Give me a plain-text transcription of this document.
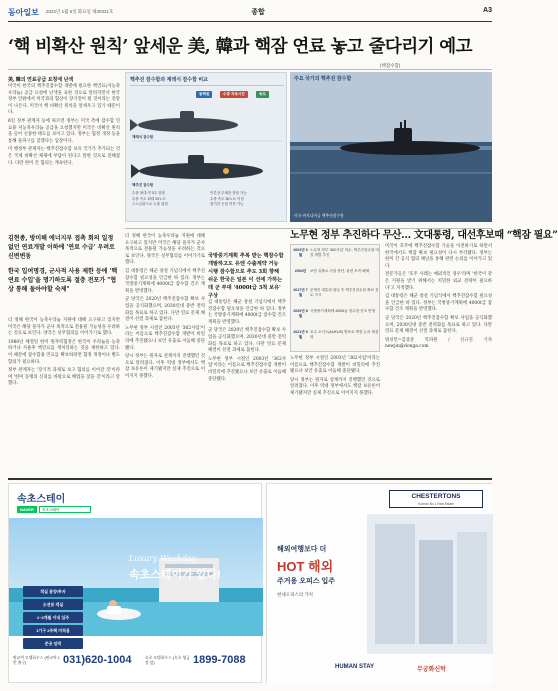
동아일보 2022년 1월 5일 화요일 제30321호	종합	A3
‘핵 비확산 원칙’ 앞세운 美, 韓과 핵잠 연료 놓고 줄다리기 예고
(핵잠수함)
美, 韓의 연료공급 요청에 난색

미국이 한국의 핵추진잠수함 개발에 필요한 핵연료(저농축우라늄) 공급 요청에 난색을 표한 것으로 알려지면서 한국 정부 안팎에서 미국과의 협상이 장기전이 될 것이라는 전망이 나온다. 미국이 핵 비확산 원칙을 앞세우고 있기 때문이다.

6일 정부 관계자 등에 따르면 정부는 미국 측에 잠수함 연료용 저농축우라늄 공급을 요청했지만 미국은 비확산 원칙을 들어 신중한 태도를 보이고 있다. 정부는 협정 개정 등을 통해 돌파구를 찾겠다는 입장이다.

미 행정부 관계자는 핵추진잠수함 보유 국가가 추가되는 것은 국제 비확산 체제에 부담이 된다고 말한 것으로 전해졌다. 다만 한미 간 협의는 계속된다.

핵추진 잠수함과 재래식 잠수함 비교
동력원	수중 지속시간	속도
재래식 잠수함
핵추진 잠수함
수중 최대 약 3주 잠항
수중 속도 최대 20노트
스노클링으로 노출 위험
이론상 무제한 잠항 가능
수중 속도 30노트 이상
장기간 은밀 작전 가능
주요 국가의 핵추진 잠수함
미국 버지니아급 핵추진잠수함
김현종, 방미해 에너지부 접촉 회의 일정 없던 연료개발 이하에 '연료 수급' 우려로 신변변동
한국 입여명경, 군사적 사용 제한 등에 '핵연료 수입'을 명기하도록 절충 전포가 "협상 통해 돌아야할 숙제"

더 정해 한국이 농축우라늄 지원에 대해 요구하고 있지만 미국은 해당 물자가 군사 목적으로 전용될 가능성을 우려하는 것으로 보인다. 양국은 실무협의를 이어가기로 했다.

1980년 체결된 한미 원자력협정은 한국이 우라늄을 농축하거나 사용후 핵연료를 재처리하는 것을 제한하고 있다. 이 때문에 잠수함용 연료를 확보하려면 협정 개정이나 별도 합의가 필요하다.

정부 관계자는 '장기적 과제로 보고 협의를 이어갈 것'이라며 '한미 동맹의 신뢰를 바탕으로 해법을 찾을 것'이라고 말했다.

더 정해 한국이 농축우라늄 지원에 대해 요구하고 있지만 미국은 해당 물자가 군사 목적으로 전용될 가능성을 우려하는 것으로 보인다. 양국은 실무협의를 이어가기로 했다.

김 대통령은 해군 창설 기념식에서 핵추진잠수함 필요성을 언급한 바 있다. 정부는 국방중기계획에 4000t급 잠수함 건조 계획을 반영했다.

군 당국은 2020년 핵추진잠수함 확보 사업을 공식화했으며, 2030년대 중반 전력화를 목표로 하고 있다. 다만 연료 문제 해결이 선결 과제로 꼽힌다.

노무현 정부 시절인 2003년 '362사업'이라는 이름으로 핵추진잠수함 개발이 비밀리에 추진됐으나 보안 유출로 이듬해 중단됐다.

당시 정부는 원자로 설계까지 진행했던 것으로 알려졌다. 이후 역대 정부에서도 핵잠 보유론이 제기됐지만 실제 추진으로 이어지지 못했다.

노무현 정부 추진하다 무산… 文대통령, 대선후보때 “핵잠 필요”
국방중기계획 추복 받는 핵잠수함 개발하고도 유엔 수출계약 거능 시행 잠수함으로 추도 3회 향해 쉬운 한국은 일본 이 선에 가하는데 군 부대 '4000t급 3척 보유' 구상

김 대통령은 해군 창설 기념식에서 핵추진잠수함 필요성을 언급한 바 있다. 정부는 국방중기계획에 4000t급 잠수함 건조 계획을 반영했다.

군 당국은 2020년 핵추진잠수함 확보 사업을 공식화했으며, 2030년대 중반 전력화를 목표로 하고 있다. 다만 연료 문제 해결이 선결 과제로 꼽힌다.

노무현 정부 시절인 2003년 '362사업'이라는 이름으로 핵추진잠수함 개발이 비밀리에 추진됐으나 보안 유출로 이듬해 중단됐다.

2003년 6월
노무현 정부 '362사업' 착수, 핵추진잠수함 비밀 개발 추진
2004년	보안 유출로 사업 중단, 관련 조직 해체
2017년 7월
문재인 대통령 취임 후 핵추진잠수함 확보 검토 지시
2020년 8월
국방중기계획에 4000t급 잠수함 건조 반영
2021년 9월
호주 오커스(AUKUS) 발표로 핵잠 논의 재점화

노무현 정부 시절인 2003년 '362사업'이라는 이름으로 핵추진잠수함 개발이 비밀리에 추진됐으나 보안 유출로 이듬해 중단됐다.

당시 정부는 원자로 설계까지 진행했던 것으로 알려졌다. 이후 역대 정부에서도 핵잠 보유론이 제기됐지만 실제 추진으로 이어지지 못했다.

미국이 호주에 핵추진잠수함 기술을 이전하기로 하면서 한국에서도 핵잠 확보 필요성이 다시 부각됐다. 정부는 한미 간 공식 협의 채널을 통해 관련 논의를 이어가고 있다.

전문가들은 '호주 사례는 예외적인 경우'라며 '한국이 같은 지원을 받기 위해서는 치밀한 외교 전략이 필요하다'고 지적했다.

김 대통령은 해군 창설 기념식에서 핵추진잠수함 필요성을 언급한 바 있다. 정부는 국방중기계획에 4000t급 잠수함 건조 계획을 반영했다.

군 당국은 2020년 핵추진잠수함 확보 사업을 공식화했으며, 2030년대 중반 전력화를 목표로 하고 있다. 다만 연료 문제 해결이 선결 과제로 꼽힌다.

워싱턴=김상준 특파원 / 신규진 기자 newjin@donga.com

속초스테이
NAVER	속초스테이
Luxury Weekday
속초스테이가 있다!
객실 분양/투자
오션뷰 객실
1~2개월 이내 입주
1가구 2주택 미적용
준공 임박
판교역 모델하우스 (판교역 1번 출구)	031)620-1004	속초 모델하우스 (속초 영금정 앞)	1899-7088
CHESTERTONS
Korea's No.1 Real Estate
해외여행보다 더
HOT 해외
주거용 오피스 입주
현대오피스의 가치
HUMAN STAY	무궁화신탁
